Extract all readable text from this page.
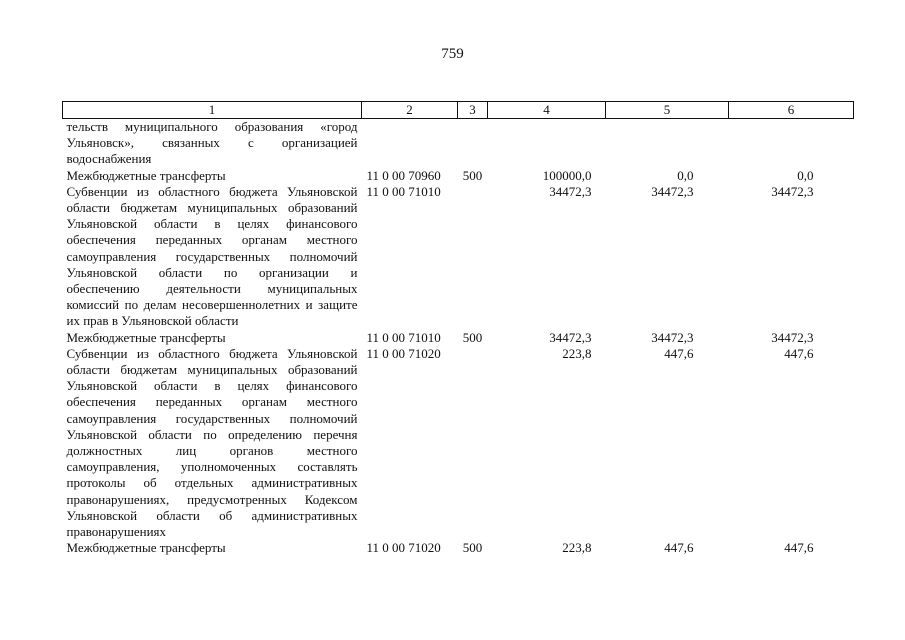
759
1	2	3	4	5	6
тельств муниципального образования «город Ульяновск», связанных с организацией водоснабжения					
Межбюджетные трансферты	11 0 00 70960	500	100000,0	0,0	0,0
Субвенции из областного бюджета Ульяновской области бюджетам муниципальных образований Ульяновской области в целях финансового обеспечения переданных органам местного самоуправления государственных полномочий Ульяновской области по организации и обеспечению деятельности муниципальных комиссий по делам несовершеннолетних и защите их прав в Ульяновской области	11 0 00 71010		34472,3	34472,3	34472,3
Межбюджетные трансферты	11 0 00 71010	500	34472,3	34472,3	34472,3
Субвенции из областного бюджета Ульяновской области бюджетам муниципальных образований Ульяновской области в целях финансового обеспечения переданных органам местного самоуправления государственных полномочий Ульяновской области по определению перечня должностных лиц органов местного самоуправления, уполномоченных составлять протоколы об отдельных административных правонарушениях, предусмотренных Кодексом Ульяновской области об административных правонарушениях	11 0 00 71020		223,8	447,6	447,6
Межбюджетные трансферты	11 0 00 71020	500	223,8	447,6	447,6
